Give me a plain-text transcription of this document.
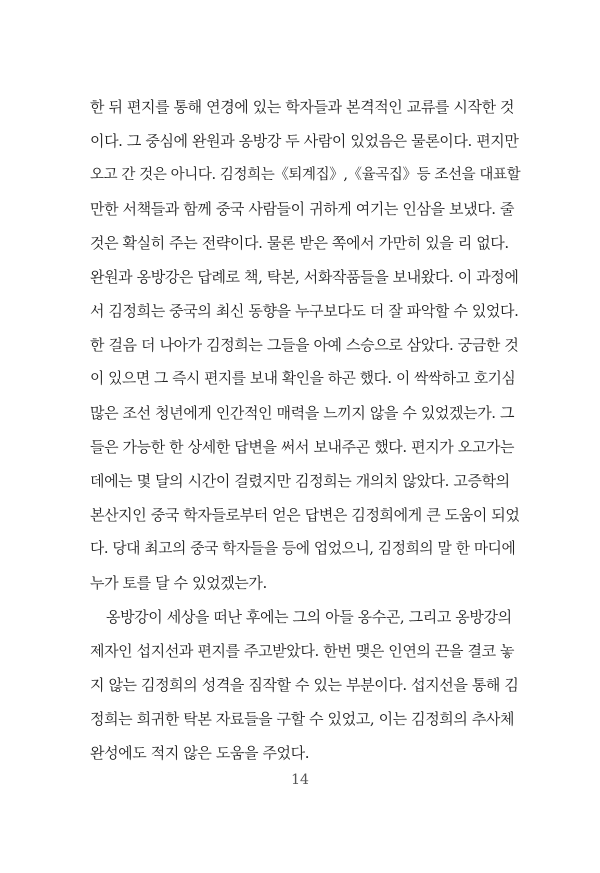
한 뒤 편지를 통해 연경에 있는 학자들과 본격적인 교류를 시작한 것
이다. 그 중심에 완원과 옹방강 두 사람이 있었음은 물론이다. 편지만
오고 간 것은 아니다. 김정희는《퇴계집》,《율곡집》등 조선을 대표할
만한 서책들과 함께 중국 사람들이 귀하게 여기는 인삼을 보냈다. 줄
것은 확실히 주는 전략이다. 물론 받은 쪽에서 가만히 있을 리 없다.
완원과 옹방강은 답례로 책, 탁본, 서화작품들을 보내왔다. 이 과정에
서 김정희는 중국의 최신 동향을 누구보다도 더 잘 파악할 수 있었다.
한 걸음 더 나아가 김정희는 그들을 아예 스승으로 삼았다. 궁금한 것
이 있으면 그 즉시 편지를 보내 확인을 하곤 했다. 이 싹싹하고 호기심
많은 조선 청년에게 인간적인 매력을 느끼지 않을 수 있었겠는가. 그
들은 가능한 한 상세한 답변을 써서 보내주곤 했다. 편지가 오고가는
데에는 몇 달의 시간이 걸렸지만 김정희는 개의치 않았다. 고증학의
본산지인 중국 학자들로부터 얻은 답변은 김정희에게 큰 도움이 되었
다. 당대 최고의 중국 학자들을 등에 업었으니, 김정희의 말 한 마디에
누가 토를 달 수 있었겠는가.
옹방강이 세상을 떠난 후에는 그의 아들 옹수곤, 그리고 옹방강의
제자인 섭지선과 편지를 주고받았다. 한번 맺은 인연의 끈을 결코 놓
지 않는 김정희의 성격을 짐작할 수 있는 부분이다. 섭지선을 통해 김
정희는 희귀한 탁본 자료들을 구할 수 있었고, 이는 김정희의 추사체
완성에도 적지 않은 도움을 주었다.
14
